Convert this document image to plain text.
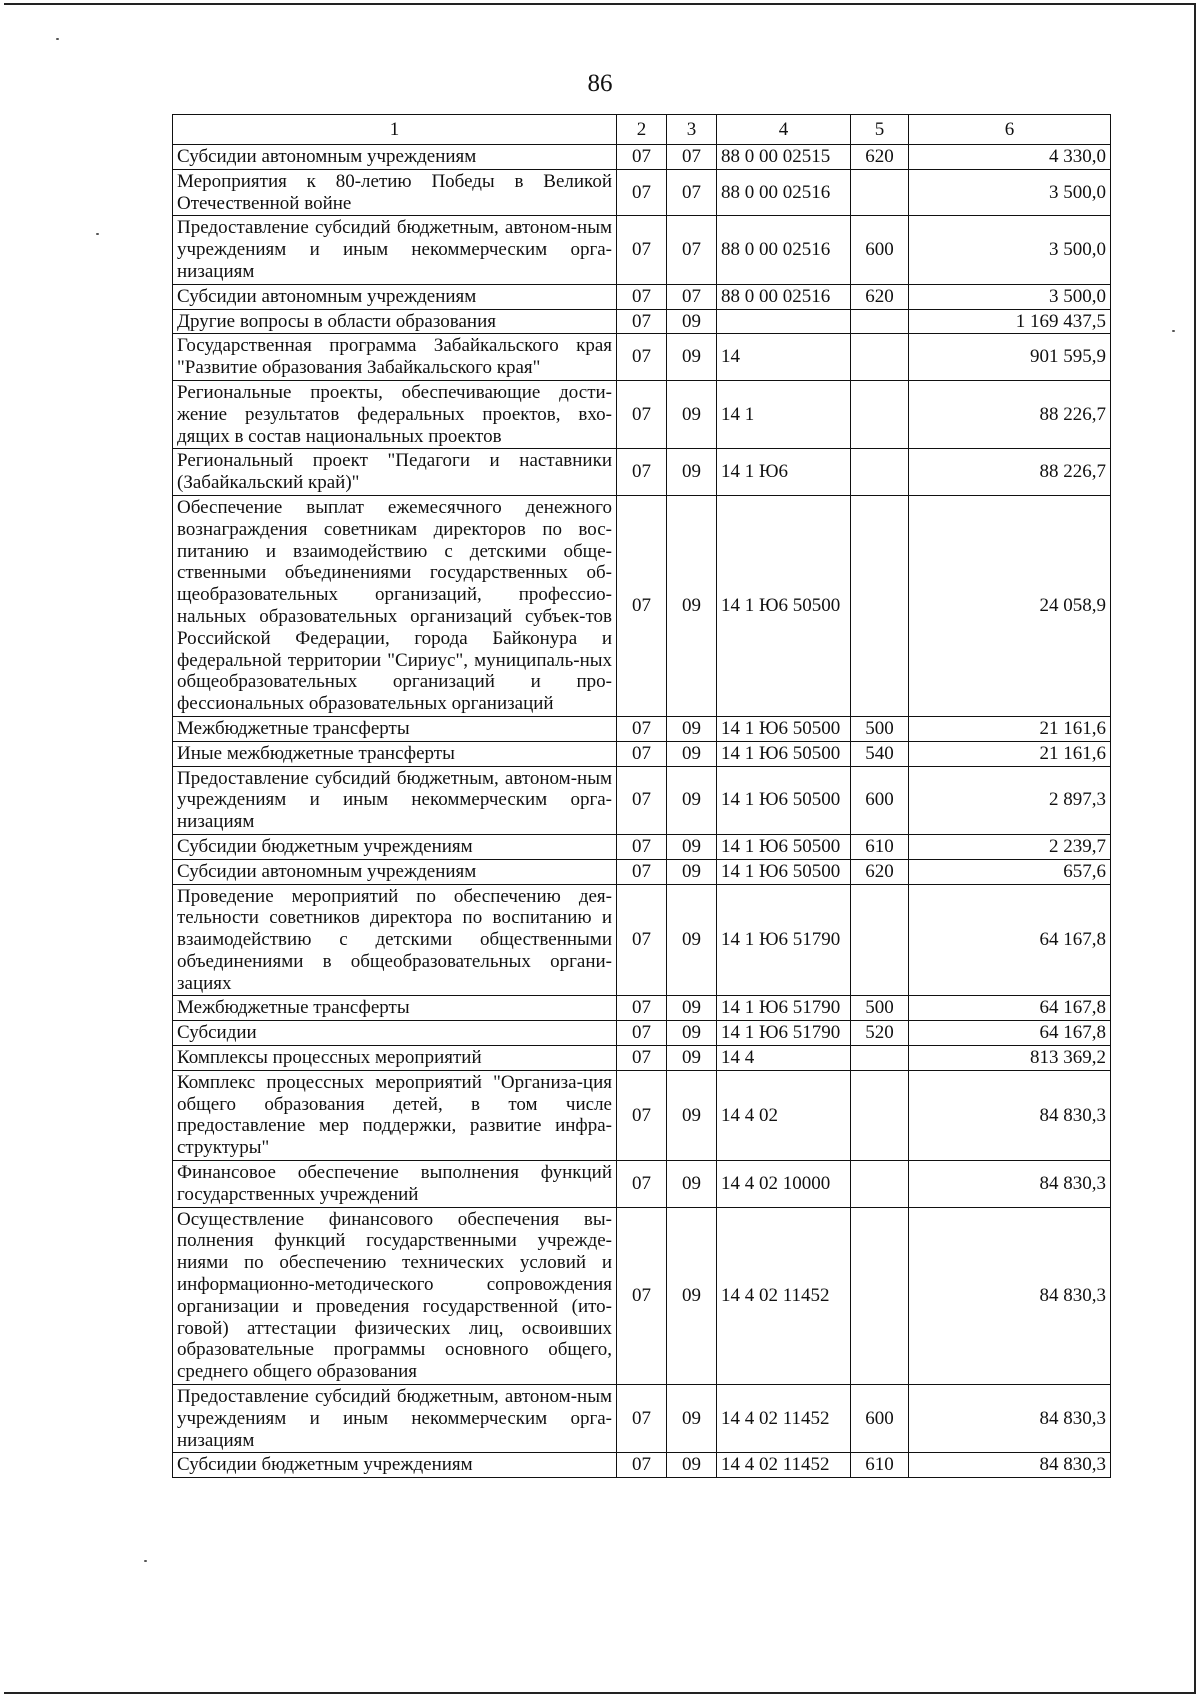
86
1	2	3	4	5	6
Субсидии автономным учреждениям	07	07	88 0 00 02515	620	4 330,0
Мероприятия к 80-летию Победы в Великой Отечественной войне	07	07	88 0 00 02516		3 500,0
Предоставление субсидий бюджетным, автоном-ным учреждениям и иным некоммерческим орга-низациям	07	07	88 0 00 02516	600	3 500,0
Субсидии автономным учреждениям	07	07	88 0 00 02516	620	3 500,0
Другие вопросы в области образования	07	09			1 169 437,5
Государственная программа Забайкальского края "Развитие образования Забайкальского края"	07	09	14		901 595,9
Региональные проекты, обеспечивающие дости-жение результатов федеральных проектов, вхо-дящих в состав национальных проектов	07	09	14 1		88 226,7
Региональный проект "Педагоги и наставники (Забайкальский край)"	07	09	14 1 Ю6		88 226,7
Обеспечение выплат ежемесячного денежного вознаграждения советникам директоров по вос-питанию и взаимодействию с детскими обще-ственными объединениями государственных об-щеобразовательных организаций, профессио-нальных образовательных организаций субъек-тов Российской Федерации, города Байконура и федеральной территории "Сириус", муниципаль-ных общеобразовательных организаций и про-фессиональных образовательных организаций	07	09	14 1 Ю6 50500		24 058,9
Межбюджетные трансферты	07	09	14 1 Ю6 50500	500	21 161,6
Иные межбюджетные трансферты	07	09	14 1 Ю6 50500	540	21 161,6
Предоставление субсидий бюджетным, автоном-ным учреждениям и иным некоммерческим орга-низациям	07	09	14 1 Ю6 50500	600	2 897,3
Субсидии бюджетным учреждениям	07	09	14 1 Ю6 50500	610	2 239,7
Субсидии автономным учреждениям	07	09	14 1 Ю6 50500	620	657,6
Проведение мероприятий по обеспечению дея-тельности советников директора по воспитанию и взаимодействию с детскими общественными объединениями в общеобразовательных органи-зациях	07	09	14 1 Ю6 51790		64 167,8
Межбюджетные трансферты	07	09	14 1 Ю6 51790	500	64 167,8
Субсидии	07	09	14 1 Ю6 51790	520	64 167,8
Комплексы процессных мероприятий	07	09	14 4		813 369,2
Комплекс процессных мероприятий "Организа-ция общего образования детей, в том числе предоставление мер поддержки, развитие инфра-структуры"	07	09	14 4 02		84 830,3
Финансовое обеспечение выполнения функций государственных учреждений	07	09	14 4 02 10000		84 830,3
Осуществление финансового обеспечения вы-полнения функций государственными учрежде-ниями по обеспечению технических условий и информационно-методического сопровождения организации и проведения государственной (ито-говой) аттестации физических лиц, освоивших образовательные программы основного общего, среднего общего образования	07	09	14 4 02 11452		84 830,3
Предоставление субсидий бюджетным, автоном-ным учреждениям и иным некоммерческим орга-низациям	07	09	14 4 02 11452	600	84 830,3
Субсидии бюджетным учреждениям	07	09	14 4 02 11452	610	84 830,3
